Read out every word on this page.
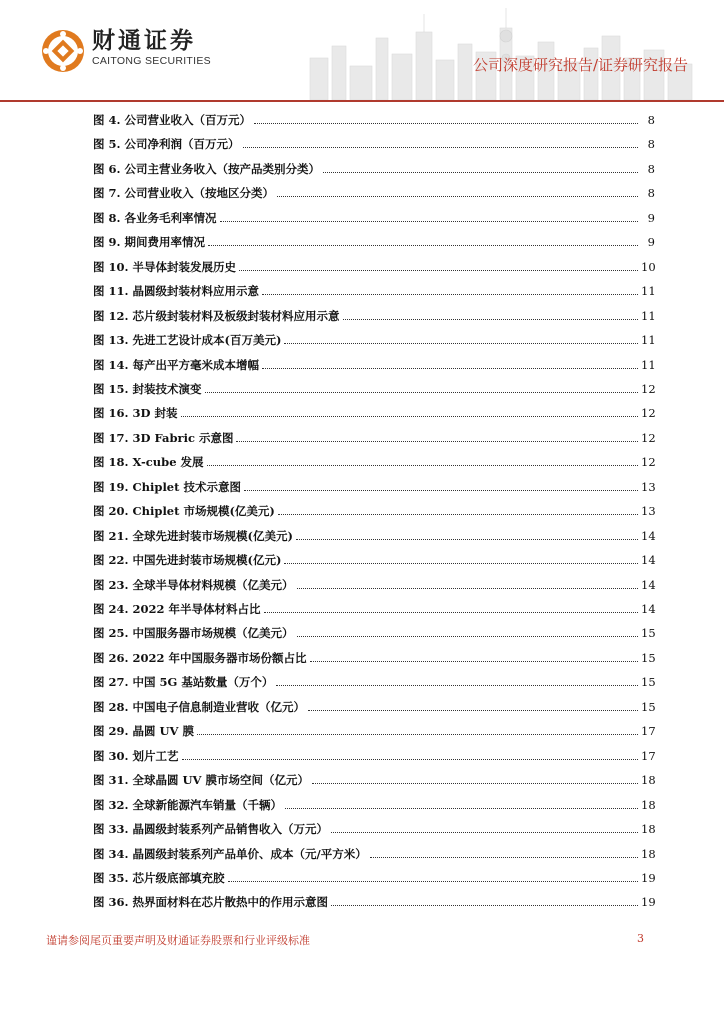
财通证券
CAITONG SECURITIES	公司深度研究报告/证券研究报告
图 4. 公司营业收入（百万元）	8
图 5. 公司净利润（百万元）	8
图 6. 公司主营业务收入（按产品类别分类）	8
图 7. 公司营业收入（按地区分类）	8
图 8. 各业务毛利率情况	9
图 9. 期间费用率情况	9
图 10. 半导体封装发展历史	10
图 11. 晶圆级封装材料应用示意	11
图 12. 芯片级封装材料及板级封装材料应用示意	11
图 13. 先进工艺设计成本(百万美元)	11
图 14. 每产出平方毫米成本增幅	11
图 15. 封装技术演变	12
图 16. 3D 封装	12
图 17. 3D Fabric 示意图	12
图 18. X-cube 发展	12
图 19. Chiplet 技术示意图	13
图 20. Chiplet 市场规模(亿美元)	13
图 21. 全球先进封装市场规模(亿美元)	14
图 22. 中国先进封装市场规模(亿元)	14
图 23. 全球半导体材料规模（亿美元）	14
图 24. 2022 年半导体材料占比	14
图 25. 中国服务器市场规模（亿美元）	15
图 26. 2022 年中国服务器市场份额占比	15
图 27. 中国 5G 基站数量（万个）	15
图 28. 中国电子信息制造业营收（亿元）	15
图 29. 晶圆 UV 膜	17
图 30. 划片工艺	17
图 31. 全球晶圆 UV 膜市场空间（亿元）	18
图 32. 全球新能源汽车销量（千辆）	18
图 33. 晶圆级封装系列产品销售收入（万元）	18
图 34. 晶圆级封装系列产品单价、成本（元/平方米）	18
图 35. 芯片级底部填充胶	19
图 36. 热界面材料在芯片散热中的作用示意图	19
谨请参阅尾页重要声明及财通证券股票和行业评级标准	3
